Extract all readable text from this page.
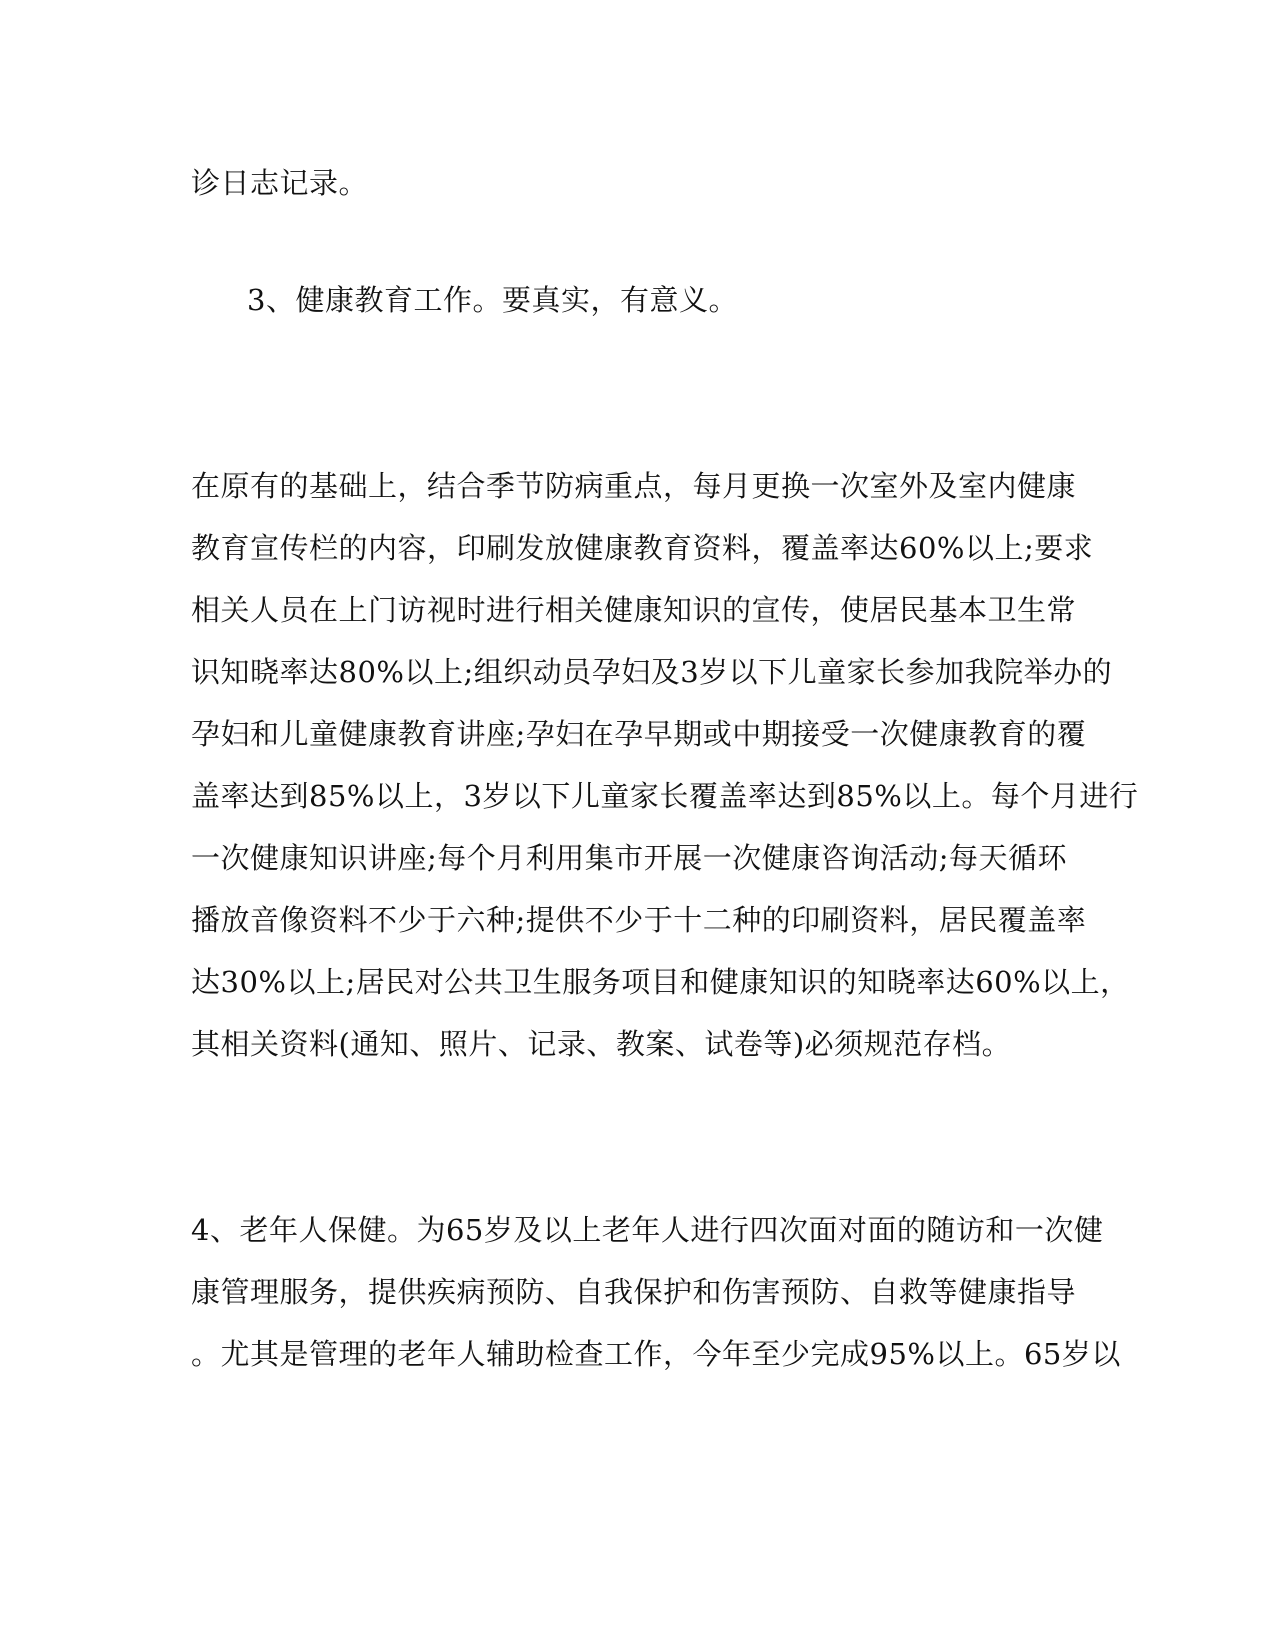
诊日志记录。
3、健康教育工作。要真实，有意义。
在原有的基础上，结合季节防病重点，每月更换一次室外及室内健康
教育宣传栏的内容，印刷发放健康教育资料，覆盖率达60%以上;要求
相关人员在上门访视时进行相关健康知识的宣传，使居民基本卫生常
识知晓率达80%以上;组织动员孕妇及3岁以下儿童家长参加我院举办的
孕妇和儿童健康教育讲座;孕妇在孕早期或中期接受一次健康教育的覆
盖率达到85%以上，3岁以下儿童家长覆盖率达到85%以上。每个月进行
一次健康知识讲座;每个月利用集市开展一次健康咨询活动;每天循环
播放音像资料不少于六种;提供不少于十二种的印刷资料，居民覆盖率
达30%以上;居民对公共卫生服务项目和健康知识的知晓率达60%以上，
其相关资料(通知、照片、记录、教案、试卷等)必须规范存档。
4、老年人保健。为65岁及以上老年人进行四次面对面的随访和一次健
康管理服务，提供疾病预防、自我保护和伤害预防、自救等健康指导
。尤其是管理的老年人辅助检查工作，今年至少完成95%以上。65岁以
